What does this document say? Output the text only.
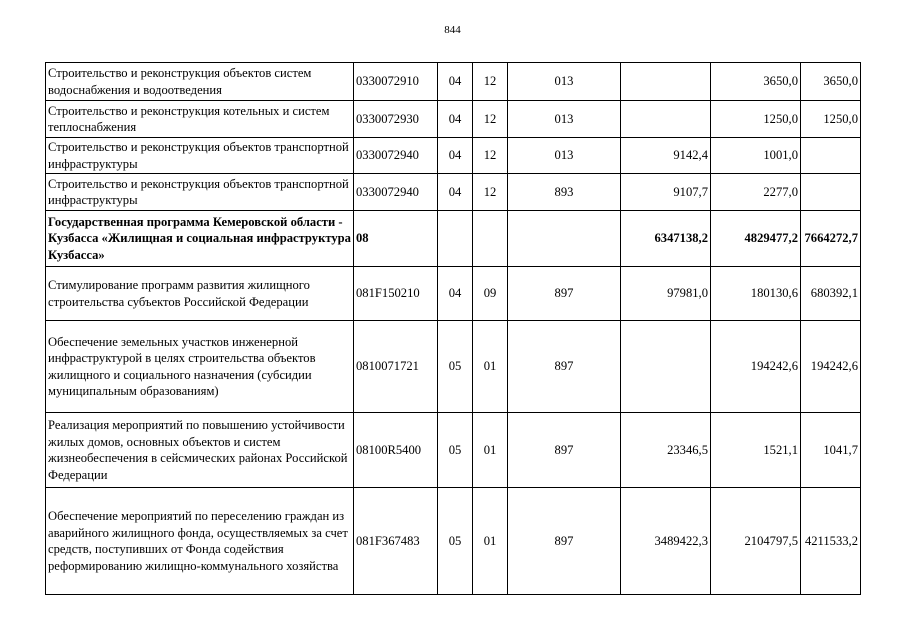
844
Строительство и реконструкция объектов систем водоснабжения и водоотведения	0330072910	04	12	013		3650,0	3650,0
Строительство и реконструкция котельных и систем теплоснабжения	0330072930	04	12	013		1250,0	1250,0
Строительство и реконструкция объектов транспортной инфраструктуры	0330072940	04	12	013	9142,4	1001,0	
Строительство и реконструкция объектов транспортной инфраструктуры	0330072940	04	12	893	9107,7	2277,0	
Государственная программа Кемеровской области - Кузбасса «Жилищная и социальная инфраструктура Кузбасса»	08				6347138,2	4829477,2	7664272,7
Стимулирование программ развития жилищного строительства субъектов Российской Федерации	081F150210	04	09	897	97981,0	180130,6	680392,1
Обеспечение земельных участков инженерной инфраструктурой в целях строительства объектов жилищного и социального назначения (субсидии муниципальным образованиям)	0810071721	05	01	897		194242,6	194242,6
Реализация мероприятий по повышению устойчивости жилых домов, основных объектов и систем жизнеобеспечения в сейсмических районах Российской Федерации	08100R5400	05	01	897	23346,5	1521,1	1041,7
Обеспечение мероприятий по переселению граждан из аварийного жилищного фонда, осуществляемых за счет средств, поступивших от Фонда содействия реформированию жилищно-коммунального хозяйства	081F367483	05	01	897	3489422,3	2104797,5	4211533,2
